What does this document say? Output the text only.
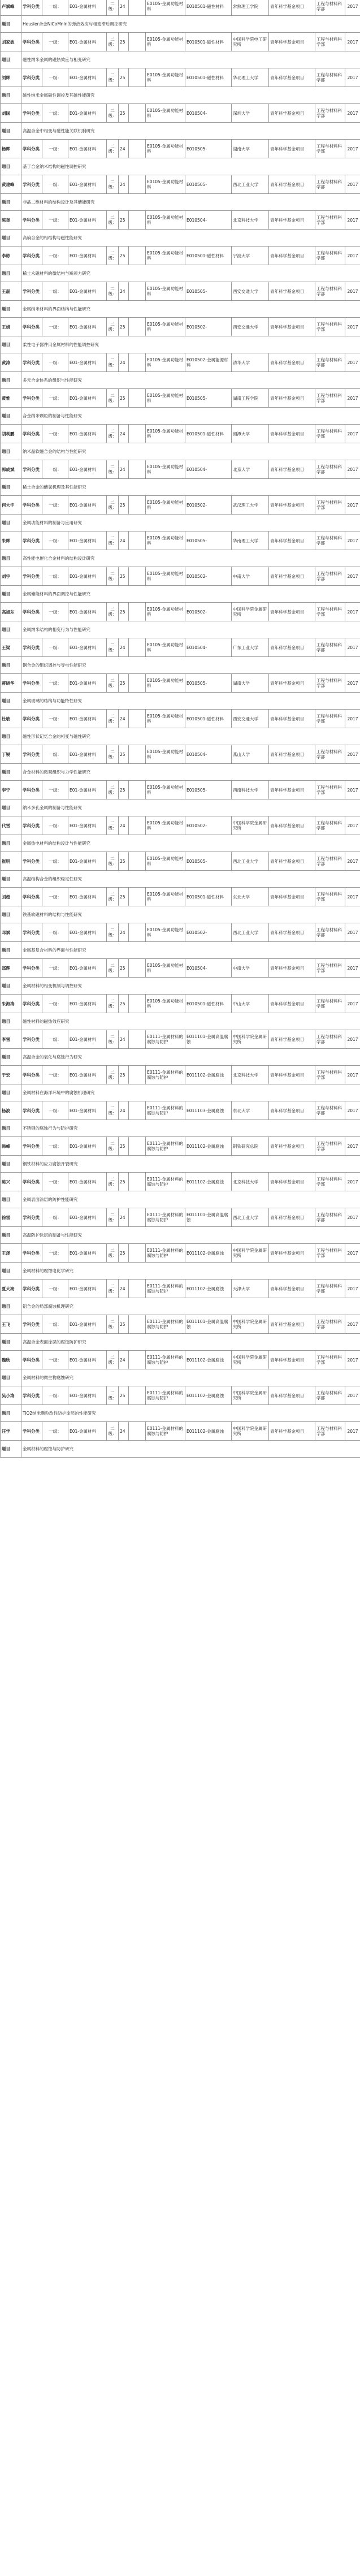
卢斌峰	学科分类	一级：	E01-金属材料	二级：	24		E0105-金属功能材料	E010501-磁性材料	常熟理工学院	青年科学基金项目	工程与材料科学部	2017
题目	Heusler合金NiCoMnIn的弹热效应与相变滞后调控研究											
刘家波	学科分类	一级：	E01-金属材料	二级：	25		E0105-金属功能材料	E010501-磁性材料	中国科学院电工研究所	青年科学基金项目	工程与材料科学部	2017
题目	磁性纳米金属的磁热效应与相变研究											
刘辉	学科分类	一级：	E01-金属材料	二级：	25		E0105-金属功能材料	E010501-磁性材料	华北理工大学	青年科学基金项目	工程与材料科学部	2017
题目	磁性纳米金属磁性调控及其磁性能研究											
刘国	学科分类	一级：	E01-金属材料	二级：	25		E0105-金属功能材料	E010504-	深圳大学	青年科学基金项目	工程与材料科学部	2017
题目	高温合金中相变与磁性能关联机制研究											
杨辉	学科分类	一级：	E01-金属材料	二级：	24		E0105-金属功能材料	E010505-	湖南大学	青年科学基金项目	工程与材料科学部	2017
题目	基于合金纳米结构的磁性调控研究											
黄建峰	学科分类	一级：	E01-金属材料	二级：	24		E0105-金属功能材料	E010505-	西北工业大学	青年科学基金项目	工程与材料科学部	2017
题目	非晶二维材料的结构设计及其储能研究											
陈奎	学科分类	一级：	E01-金属材料	二级：	25		E0105-金属功能材料	E010504-	北京科技大学	青年科学基金项目	工程与材料科学部	2017
题目	高熵合金的相结构与磁性能研究											
李彬	学科分类	一级：	E01-金属材料	二级：	25		E0105-金属功能材料	E010501-磁性材料	宁波大学	青年科学基金项目	工程与材料科学部	2017
题目	稀土永磁材料的微结构与矫顽力研究											
王磊	学科分类	一级：	E01-金属材料	二级：	24		E0105-金属功能材料	E010505-	西安交通大学	青年科学基金项目	工程与材料科学部	2017
题目	金属纳米材料的界面结构与性能研究											
王娟	学科分类	一级：	E01-金属材料	二级：	25		E0105-金属功能材料	E010502-	西安交通大学	青年科学基金项目	工程与材料科学部	2017
题目	柔性电子器件用金属材料的性能调控研究											
黄涛	学科分类	一级：	E01-金属材料	二级：	24		E0105-金属功能材料	E010502-金属能源材料	清华大学	青年科学基金项目	工程与材料科学部	2017
题目	多元合金体系的组织与性能研究											
黄惟	学科分类	一级：	E01-金属材料	二级：	25		E0105-金属功能材料	E010505-	湖南工程学院	青年科学基金项目	工程与材料科学部	2017
题目	合金纳米颗粒的制备与性能研究											
胡利鹏	学科分类	一级：	E01-金属材料	二级：	24		E0105-金属功能材料	E010501-磁性材料	湘潭大学	青年科学基金项目	工程与材料科学部	2017
题目	纳米晶软磁合金的结构与性能研究											
郭成斌	学科分类	一级：	E01-金属材料	二级：	24		E0105-金属功能材料	E010504-	北京大学	青年科学基金项目	工程与材料科学部	2017
题目	稀土合金的储氢机理及其性能研究											
何大宇	学科分类	一级：	E01-金属材料	二级：	25		E0105-金属功能材料	E010502-	武汉理工大学	青年科学基金项目	工程与材料科学部	2017
题目	金属功能材料的制备与应用研究											
朱辉	学科分类	一级：	E01-金属材料	二级：	24		E0105-金属功能材料	E010505-	华南理工大学	青年科学基金项目	工程与材料科学部	2017
题目	高性能电催化合金材料的结构设计研究											
刘宇	学科分类	一级：	E01-金属材料	二级：	25		E0105-金属功能材料	E010502-	中南大学	青年科学基金项目	工程与材料科学部	2017
题目	金属储能材料的界面调控与性能研究											
高旭东	学科分类	一级：	E01-金属材料	二级：	25		E0105-金属功能材料	E010502-	中国科学院金属研究所	青年科学基金项目	工程与材料科学部	2017
题目	金属纳米结构的相变行为与性能研究											
王梁	学科分类	一级：	E01-金属材料	二级：	24		E0105-金属功能材料	E010504-	广东工业大学	青年科学基金项目	工程与材料科学部	2017
题目	铜合金的组织调控与导电性能研究											
蒋晓华	学科分类	一级：	E01-金属材料	二级：	25		E0105-金属功能材料	E010505-	湖南大学	青年科学基金项目	工程与材料科学部	2017
题目	金属玻璃的结构与功能特性研究											
杜敏	学科分类	一级：	E01-金属材料	二级：	24		E0105-金属功能材料	E010501-磁性材料	西安交通大学	青年科学基金项目	工程与材料科学部	2017
题目	磁性形状记忆合金的相变与磁性研究											
丁锐	学科分类	一级：	E01-金属材料	二级：	25		E0105-金属功能材料	E010504-	燕山大学	青年科学基金项目	工程与材料科学部	2017
题目	合金材料的微观组织与力学性能研究											
李宁	学科分类	一级：	E01-金属材料	二级：	25		E0105-金属功能材料	E010505-	西南科技大学	青年科学基金项目	工程与材料科学部	2017
题目	纳米多孔金属的制备与性能研究											
代雪	学科分类	一级：	E01-金属材料	二级：	24		E0105-金属功能材料	E010502-	中国科学院金属研究所	青年科学基金项目	工程与材料科学部	2017
题目	金属热电材料的结构设计与性能研究											
崔明	学科分类	一级：	E01-金属材料	二级：	25		E0105-金属功能材料	E010505-	西北工业大学	青年科学基金项目	工程与材料科学部	2017
题目	高温结构合金的组织稳定性研究											
刘超	学科分类	一级：	E01-金属材料	二级：	25		E0105-金属功能材料	E010501-磁性材料	东北大学	青年科学基金项目	工程与材料科学部	2017
题目	铁基软磁材料的结构与性能研究											
邓斌	学科分类	一级：	E01-金属材料	二级：	24		E0105-金属功能材料	E010502-	西北工业大学	青年科学基金项目	工程与材料科学部	2017
题目	金属基复合材料的界面与性能研究											
郑辉	学科分类	一级：	E01-金属材料	二级：	25		E0105-金属功能材料	E010504-	中南大学	青年科学基金项目	工程与材料科学部	2017
题目	金属材料的相变机制与调控研究											
朱海涛	学科分类	一级：	E01-金属材料	二级：	25		E0105-金属功能材料	E010501-磁性材料	中山大学	青年科学基金项目	工程与材料科学部	2017
题目	磁性材料的磁热效应研究											
李雪	学科分类	一级：	E01-金属材料	二级：	24		E0111-金属材料的腐蚀与防护	E011101-金属高温腐蚀	中国科学院金属研究所	青年科学基金项目	工程与材料科学部	2017
题目	高温合金的氧化与腐蚀行为研究											
于宏	学科分类	一级：	E01-金属材料	二级：	25		E0111-金属材料的腐蚀与防护	E011102-金属腐蚀	北京科技大学	青年科学基金项目	工程与材料科学部	2017
题目	金属材料在海洋环境中的腐蚀机理研究											
杨波	学科分类	一级：	E01-金属材料	二级：	24		E0111-金属材料的腐蚀与防护	E011103-金属腐蚀	东北大学	青年科学基金项目	工程与材料科学部	2017
题目	不锈钢的腐蚀行为与防护研究											
韩峰	学科分类	一级：	E01-金属材料	二级：	25		E0111-金属材料的腐蚀与防护	E011102-金属腐蚀	钢铁研究总院	青年科学基金项目	工程与材料科学部	2017
题目	钢铁材料的应力腐蚀开裂研究											
陈兴	学科分类	一级：	E01-金属材料	二级：	25		E0111-金属材料的腐蚀与防护	E011102-金属腐蚀	北京科技大学	青年科学基金项目	工程与材料科学部	2017
题目	金属表面涂层的防护性能研究											
徐雷	学科分类	一级：	E01-金属材料	二级：	24		E0111-金属材料的腐蚀与防护	E011101-金属高温腐蚀	西北工业大学	青年科学基金项目	工程与材料科学部	2017
题目	高温防护涂层的制备与性能研究											
王泽	学科分类	一级：	E01-金属材料	二级：	25		E0111-金属材料的腐蚀与防护	E011102-金属腐蚀	中国科学院金属研究所	青年科学基金项目	工程与材料科学部	2017
题目	金属材料的腐蚀电化学研究											
夏大海	学科分类	一级：	E01-金属材料	二级：	24		E0111-金属材料的腐蚀与防护	E011102-金属腐蚀	天津大学	青年科学基金项目	工程与材料科学部	2017
题目	铝合金的局部腐蚀机理研究											
王飞	学科分类	一级：	E01-金属材料	二级：	25		E0111-金属材料的腐蚀与防护	E011101-金属高温腐蚀	中国科学院金属研究所	青年科学基金项目	工程与材料科学部	2017
题目	高温合金表面涂层的腐蚀防护研究											
魏欣	学科分类	一级：	E01-金属材料	二级：	24		E0111-金属材料的腐蚀与防护	E011102-金属腐蚀	中国科学院金属研究所	青年科学基金项目	工程与材料科学部	2017
题目	金属材料的微生物腐蚀研究											
吴小涛	学科分类	一级：	E01-金属材料	二级：	25		E0111-金属材料的腐蚀与防护	E011102-金属腐蚀	中国科学院金属研究所	青年科学基金项目	工程与材料科学部	2017
题目	TiO2纳米颗粒改性防护涂层的性能研究											
汪学	学科分类	一级：	E01-金属材料	二级：	24		E0111-金属材料的腐蚀与防护	E011102-金属腐蚀	中国科学院金属研究所	青年科学基金项目	工程与材料科学部	2017
题目	金属材料的腐蚀与防护研究											
